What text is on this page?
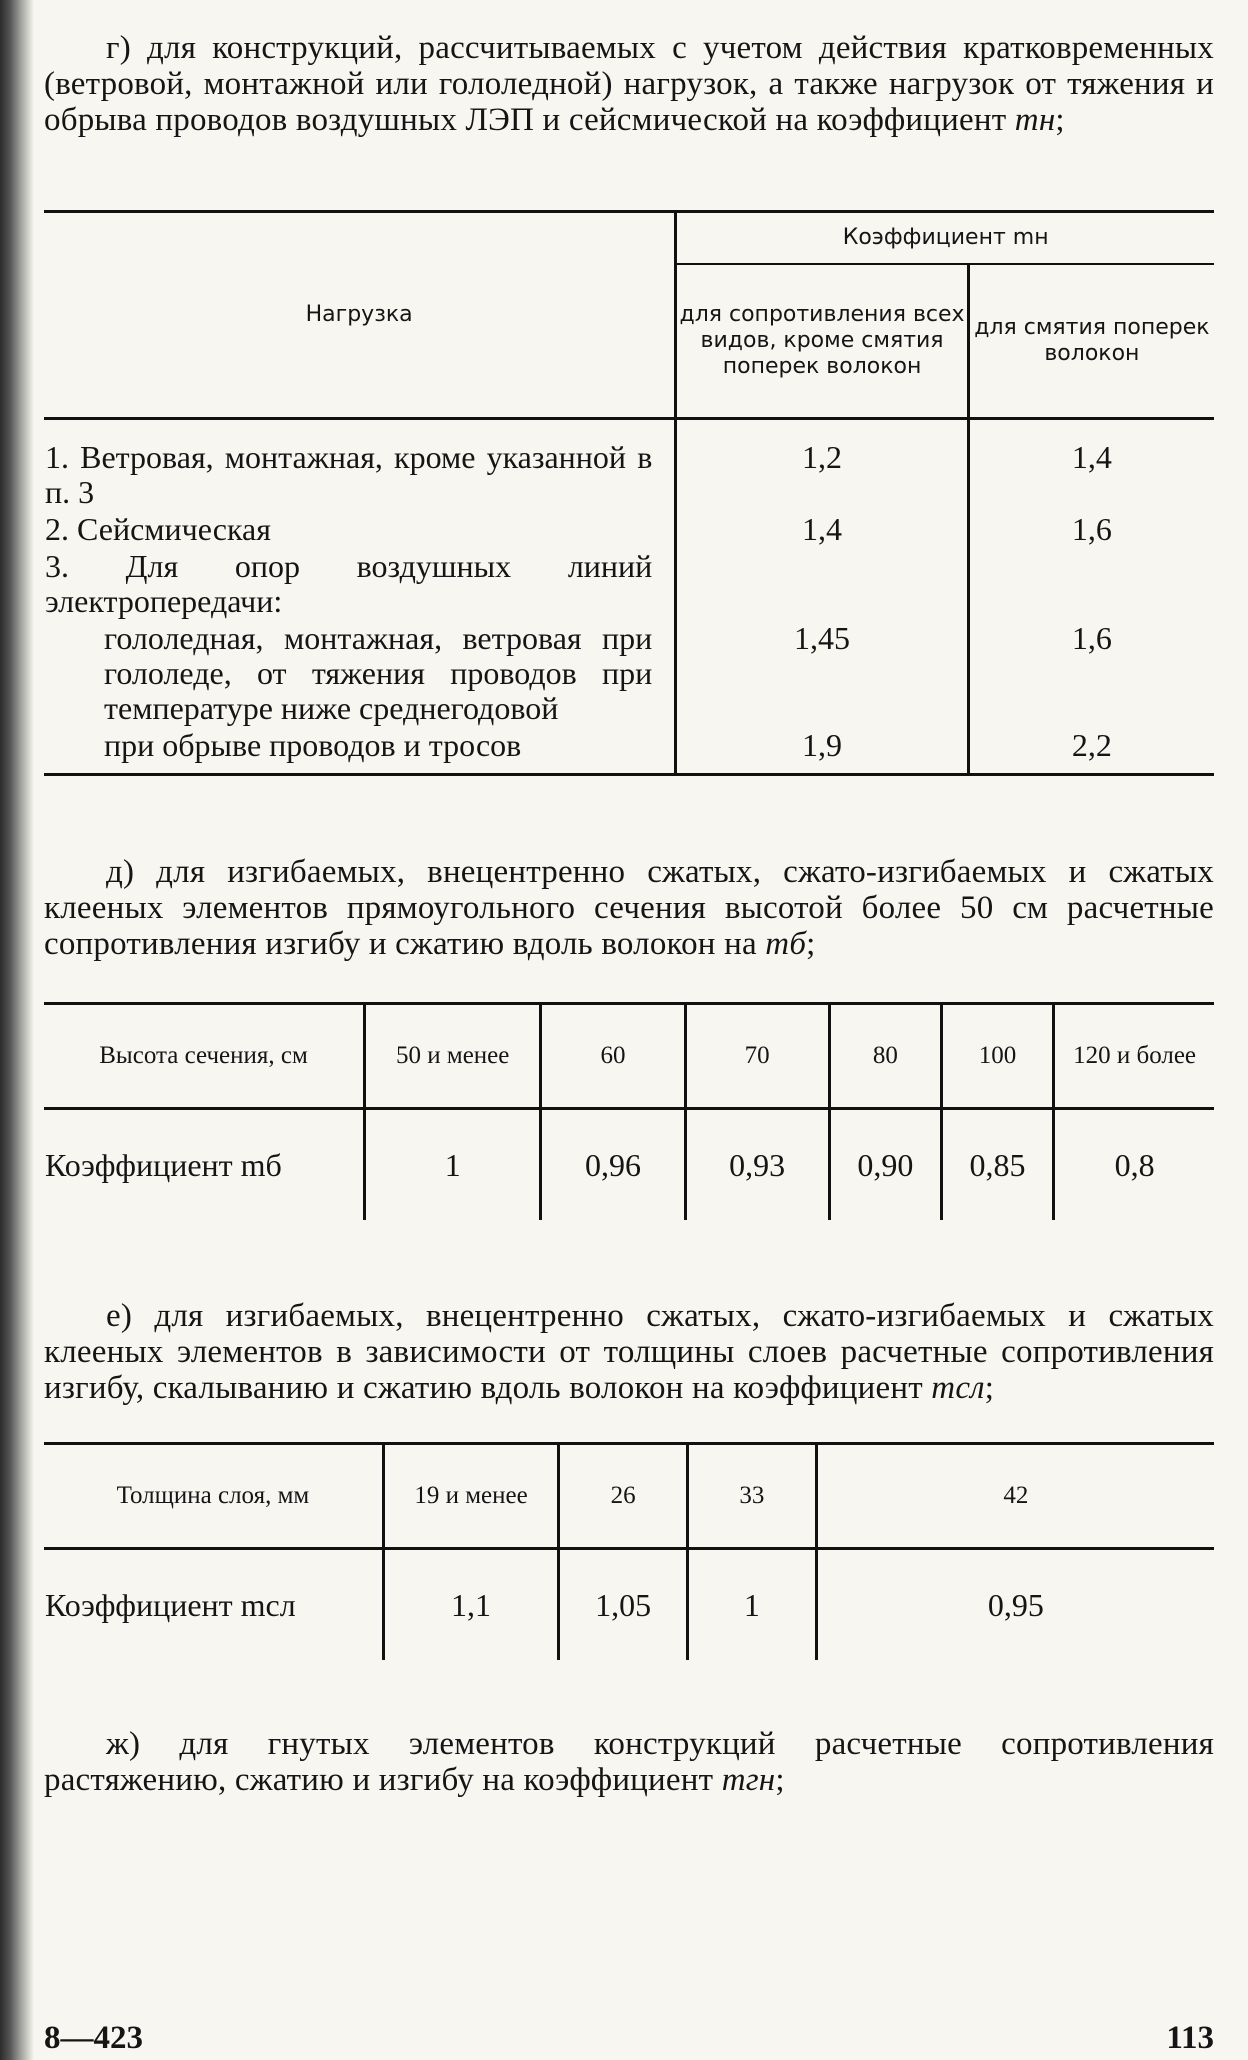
г) для конструкций, рассчитываемых с учетом действия кратковременных (ветровой, монтажной или гололедной) нагрузок, а также нагрузок от тяжения и обрыва проводов воздушных ЛЭП и сейсмической на коэффициент mн;

Нагрузка	Коэффициент mн	
	для сопротивления всех видов, кроме смятия поперек волокон	для смятия поперек волокон
1. Ветровая, монтажная, кроме указанной в п. 3	1,2	1,4
2. Сейсмическая	1,4	1,6
3. Для опор воздушных линий электропередачи:		
гололедная, монтажная, ветровая при гололеде, от тяжения проводов при температуре ниже среднегодовой	1,45	1,6
при обрыве проводов и тросов	1,9	2,2

д) для изгибаемых, внецентренно сжатых, сжато-изгибаемых и сжатых клееных элементов прямоугольного сечения высотой более 50 см расчетные сопротивления изгибу и сжатию вдоль волокон на mб;

Высота сечения, см	50 и менее	60	70	80	100	120 и более
Коэффициент mб	1	0,96	0,93	0,90	0,85	0,8

е) для изгибаемых, внецентренно сжатых, сжато-изгибаемых и сжатых клееных элементов в зависимости от толщины слоев расчетные сопротивления изгибу, скалыванию и сжатию вдоль волокон на коэффициент mсл;

Толщина слоя, мм	19 и менее	26	33	42
Коэффициент mсл	1,1	1,05	1	0,95

ж) для гнутых элементов конструкций расчетные сопротивления растяжению, сжатию и изгибу на коэффициент mгн;

8—423	113
